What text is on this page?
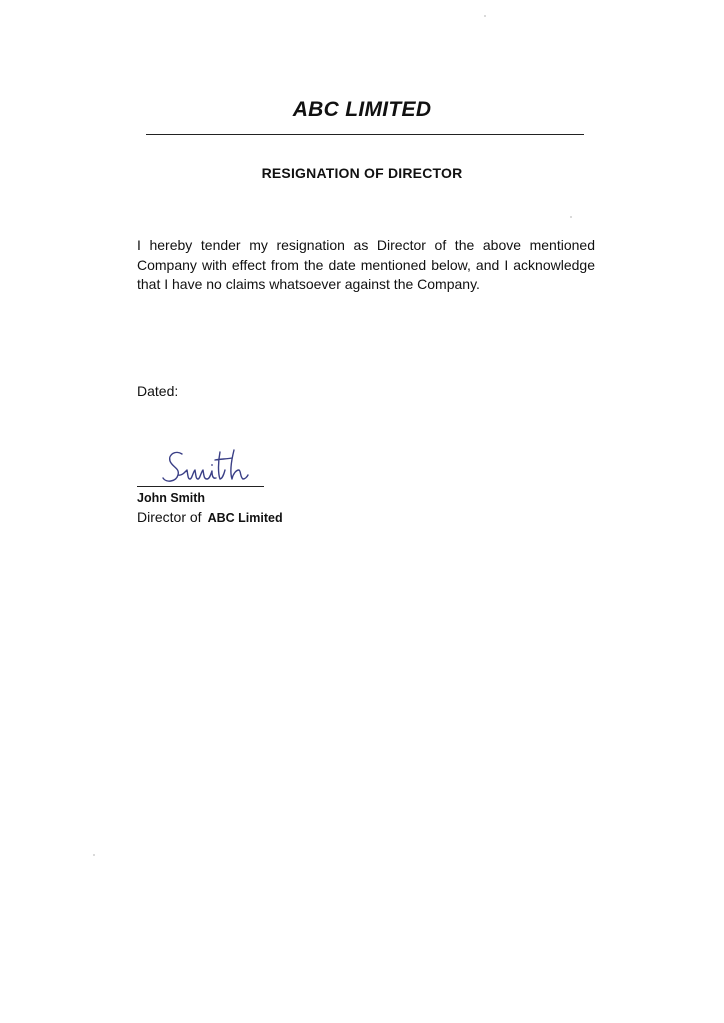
ABC LIMITED
RESIGNATION OF DIRECTOR
I hereby tender my resignation as Director of the above mentioned Company with effect from the date mentioned below, and I acknowledge that I have no claims whatsoever against the Company.
Dated:
John Smith
Director of ABC Limited
